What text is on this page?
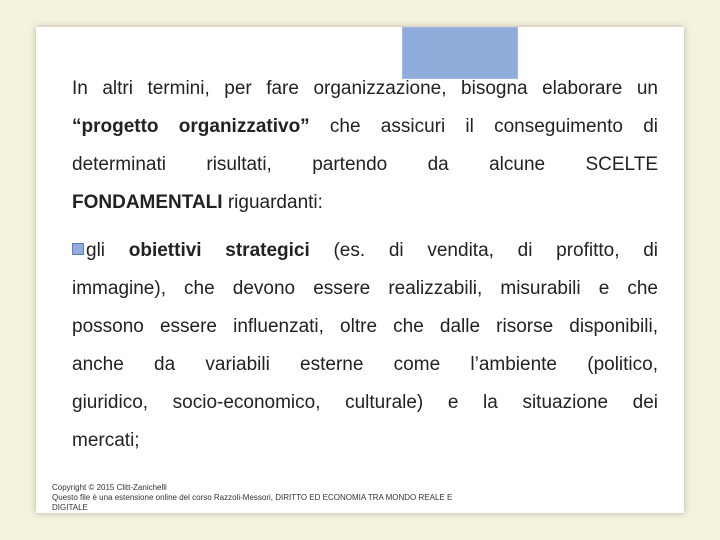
In altri termini, per fare organizzazione, bisogna elaborare un
“progetto organizzativo” che assicuri il conseguimento di
determinati risultati, partendo da alcune SCELTE
FONDAMENTALI riguardanti:
gli obiettivi strategici (es. di vendita, di profitto, di
immagine), che devono essere realizzabili, misurabili e che
possono essere influenzati, oltre che dalle risorse disponibili,
anche da variabili esterne come l’ambiente (politico,
giuridico, socio-economico, culturale) e la situazione dei
mercati;
Copyright © 2015 Clitt-Zanichelli
Questo file è una estensione online del corso Razzoli-Messori, DIRITTO ED ECONOMIA TRA MONDO REALE E DIGITALE
